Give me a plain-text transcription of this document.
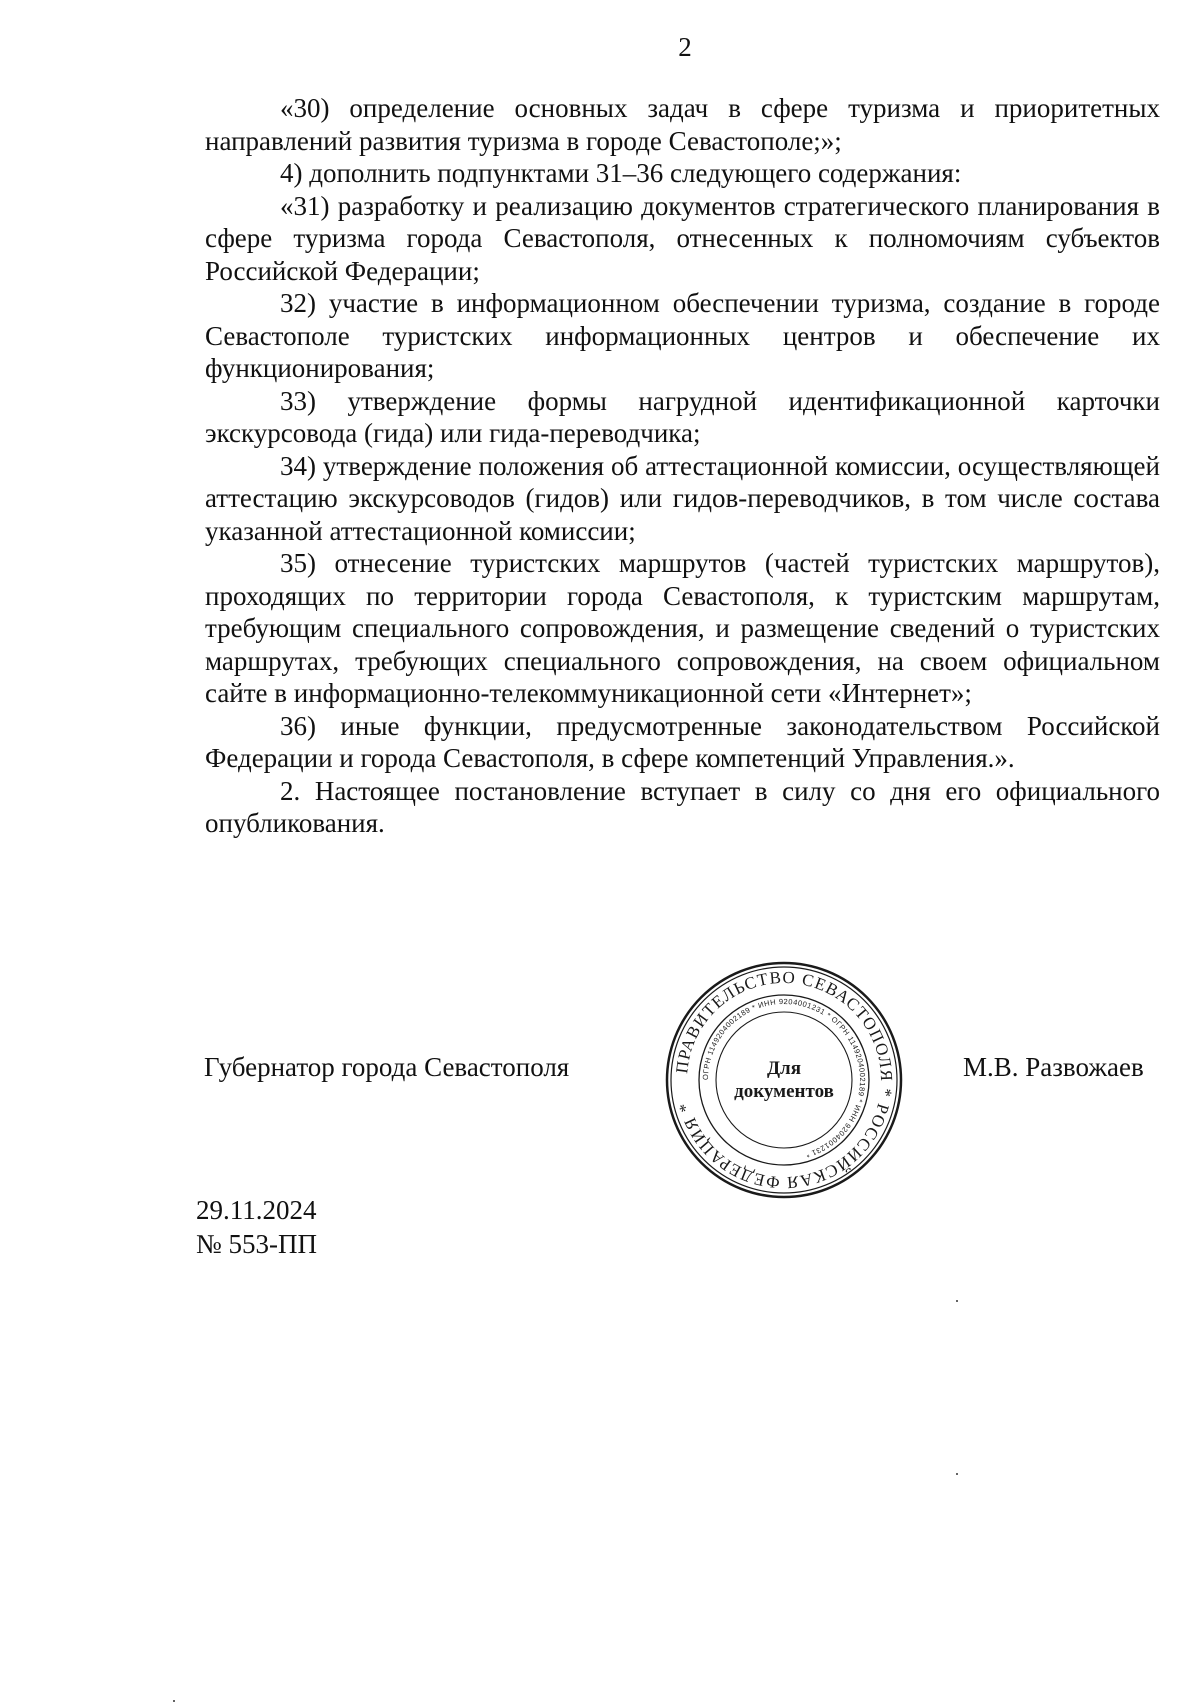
2

«30) определение основных задач в сфере туризма и приоритетных направлений развития туризма в городе Севастополе;»;

4) дополнить подпунктами 31–36 следующего содержания:

«31) разработку и реализацию документов стратегического планирования в сфере туризма города Севастополя, отнесенных к полномочиям субъектов Российской Федерации;

32) участие в информационном обеспечении туризма, создание в городе Севастополе туристских информационных центров и обеспечение их функционирования;

33) утверждение формы нагрудной идентификационной карточки экскурсовода (гида) или гида-переводчика;

34) утверждение положения об аттестационной комиссии, осуществляющей аттестацию экскурсоводов (гидов) или гидов-переводчиков, в том числе состава указанной аттестационной комиссии;

35) отнесение туристских маршрутов (частей туристских маршрутов), проходящих по территории города Севастополя, к туристским маршрутам, требующим специального сопровождения, и размещение сведений о туристских маршрутах, требующих специального сопровождения, на своем официальном сайте в информационно-телекоммуникационной сети «Интернет»;

36) иные функции, предусмотренные законодательством Российской Федерации и города Севастополя, в сфере компетенций Управления.».

2. Настоящее постановление вступает в силу со дня его официального опубликования.

Губернатор города Севастополя	ПРАВИТЕЛЬСТВО СЕВАСТОПОЛЯ * РОССИЙСКАЯ ФЕДЕРАЦИЯ *
ОГРН 1149204002189 * ИНН 9204001231 * ОГРН 1149204002189 * ИНН 9204001231 *
Для
документов
М.В. Развожаев
29.11.2024
№ 553-ПП
